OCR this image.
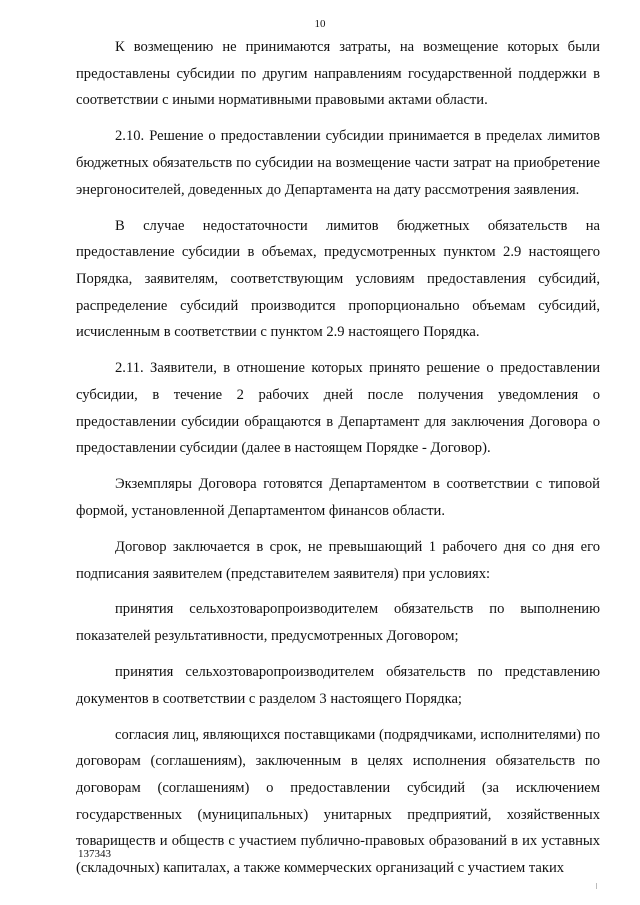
10

К возмещению не принимаются затраты, на возмещение которых были предоставлены субсидии по другим направлениям государственной поддержки в соответствии с иными нормативными правовыми актами области.

2.10. Решение о предоставлении субсидии принимается в пределах лимитов бюджетных обязательств по субсидии на возмещение части затрат на приобретение энергоносителей, доведенных до Департамента на дату рассмотрения заявления.

В случае недостаточности лимитов бюджетных обязательств на предоставление субсидии в объемах, предусмотренных пунктом 2.9 настоящего Порядка, заявителям, соответствующим условиям предоставления субсидий, распределение субсидий производится пропорционально объемам субсидий, исчисленным в соответствии с пунктом 2.9 настоящего Порядка.

2.11. Заявители, в отношение которых принято решение о предоставлении субсидии, в течение 2 рабочих дней после получения уведомления о предоставлении субсидии обращаются в Департамент для заключения Договора о предоставлении субсидии (далее в настоящем Порядке - Договор).

Экземпляры Договора готовятся Департаментом в соответствии с типовой формой, установленной Департаментом финансов области.

Договор заключается в срок, не превышающий 1 рабочего дня со дня его подписания заявителем (представителем заявителя) при условиях:

принятия сельхозтоваропроизводителем обязательств по выполнению показателей результативности, предусмотренных Договором;

принятия сельхозтоваропроизводителем обязательств по представлению документов в соответствии с разделом 3 настоящего Порядка;

согласия лиц, являющихся поставщиками (подрядчиками, исполнителями) по договорам (соглашениям), заключенным в целях исполнения обязательств по договорам (соглашениям) о предоставлении субсидий (за исключением государственных (муниципальных) унитарных предприятий, хозяйственных товариществ и обществ с участием публично-правовых образований в их уставных (складочных) капиталах, а также коммерческих организаций с участием таких

137343
